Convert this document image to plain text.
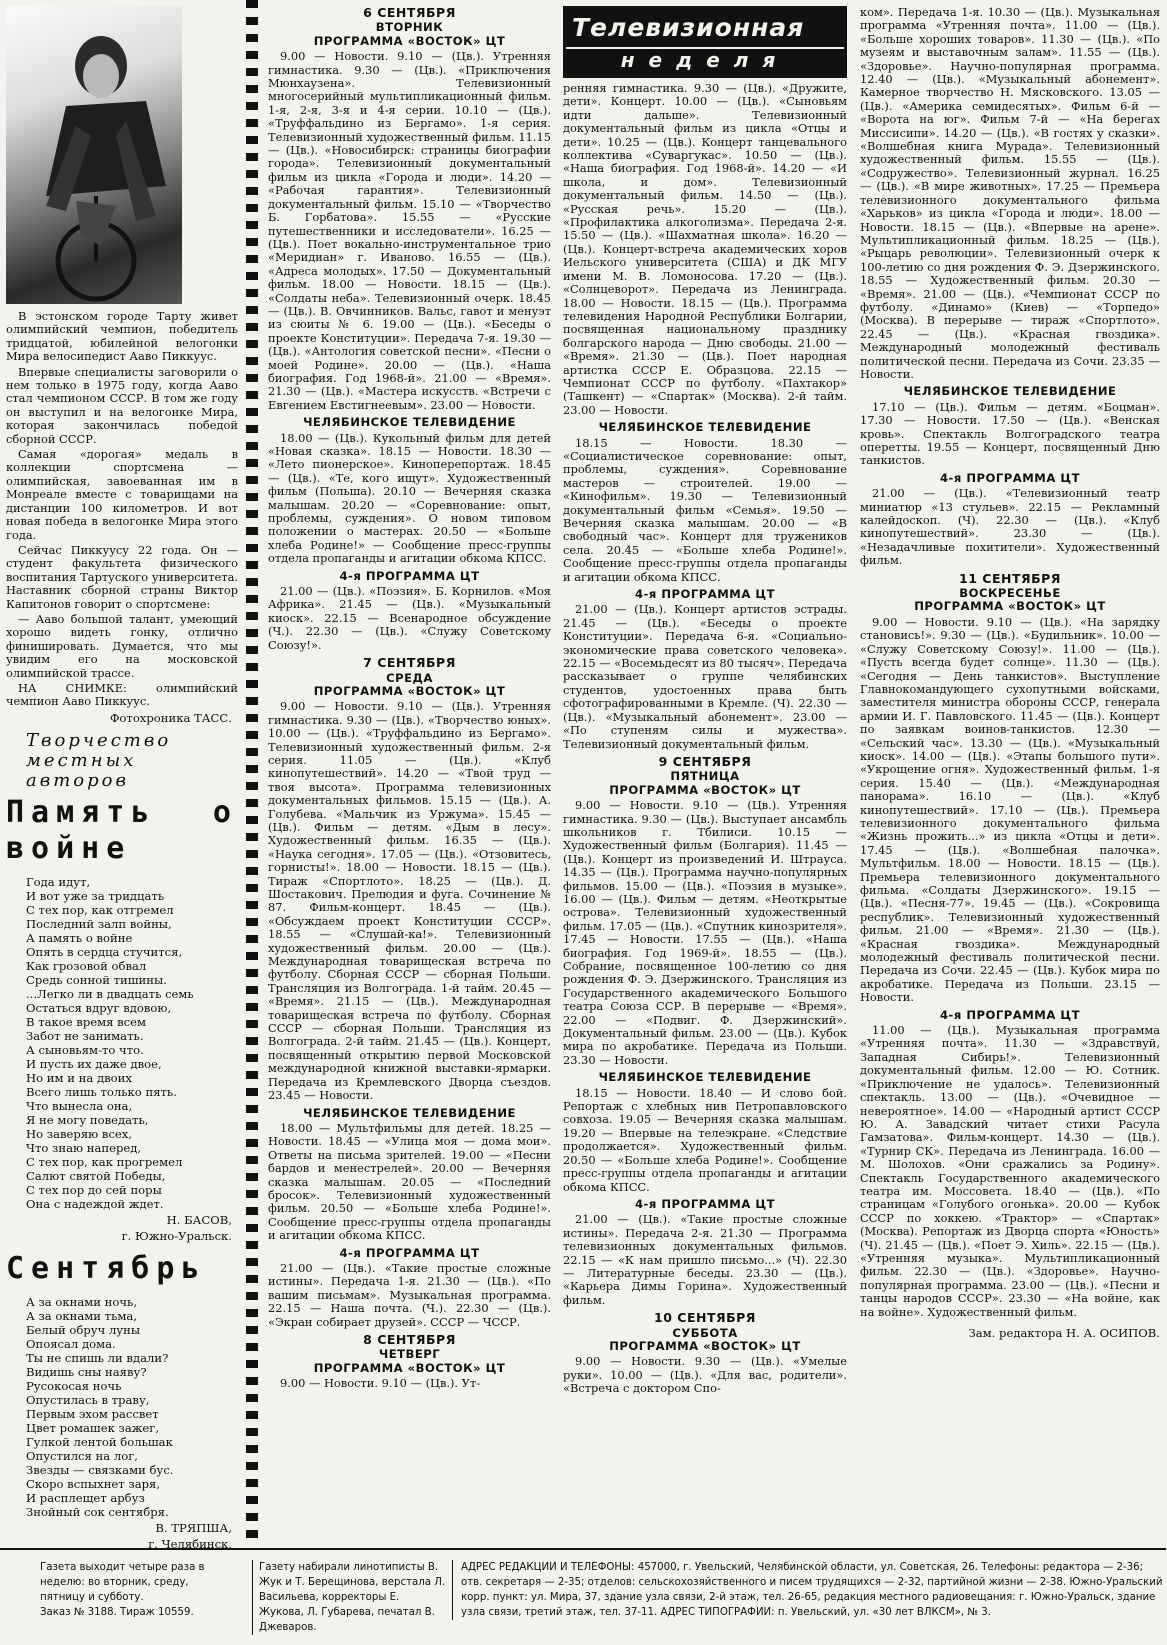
В эстонском городе Тарту живет олимпийский чемпион, победитель тридцатой, юбилейной велогонки Мира велосипедист Ааво Пиккуус.

Впервые специалисты заговорили о нем только в 1975 году, когда Ааво стал чемпионом СССР. В том же году он выступил и на велогонке Мира, которая закончилась победой сборной СССР.

Самая «дорогая» медаль в коллекции спортсмена — олимпийская, завоеванная им в Монреале вместе с товарищами на дистанции 100 километров. И вот новая победа в велогонке Мира этого года.

Сейчас Пиккуусу 22 года. Он — студент факультета физического воспитания Тартуского университета. Наставник сборной страны Виктор Капитонов говорит о спортсмене:

— Ааво большой талант, умеющий хорошо видеть гонку, отлично финишировать. Думается, что мы увидим его на московской олимпийской трассе.

НА СНИМКЕ: олимпийский чемпион Ааво Пиккуус.

Фотохроника ТАСС.
Творчество местных авторов
Память о войне
Года идут,
И вот уже за тридцать
С тех пор, как отгремел
Последний залп войны,
А память о войне
Опять в сердца стучится,
Как грозовой обвал
Средь сонной тишины.
...Легко ли в двадцать семь
Остаться вдруг вдовою,
В такое время всем
Забот не занимать.
А сыновьям-то что.
И пусть их даже двое,
Но им и на двоих
Всего лишь только пять.
Что вынесла она,
Я не могу поведать,
Но заверяю всех,
Что знаю наперед,
С тех пор, как прогремел
Салют святой Победы,
С тех пор до сей поры
Она с надеждой ждет.
Н. БАСОВ,
г. Южно-Уральск.
Сентябрь
А за окнами ночь,
А за окнами тьма,
Белый обруч луны
Опоясал дома.
Ты не спишь ли вдали?
Видишь сны наяву?
Русокосая ночь
Опустилась в траву,
Первым эхом рассвет
Цвет ромашек зажег,
Гулкой лентой большак
Опустился на лог,
Звезды — связками бус.
Скоро вспыхнет заря,
И расплещет арбуз
Знойный сок сентября.
В. ТРЯПША,
г. Челябинск.
6 СЕНТЯБРЯ
ВТОРНИК
ПРОГРАММА «ВОСТОК» ЦТ

9.00 — Новости. 9.10 — (Цв.). Утренняя гимнастика. 9.30 — (Цв.). «Приключения Мюнхаузена». Телевизионный многосерийный мультипликационный фильм. 1-я, 2-я, 3-я и 4-я серии. 10.10 — (Цв.). «Труффальдино из Бергамо». 1-я серия. Телевизионный художественный фильм. 11.15 — (Цв.). «Новосибирск: страницы биографии города». Телевизионный документальный фильм из цикла «Города и люди». 14.20 — «Рабочая гарантия». Телевизионный документальный фильм. 15.10 — «Творчество Б. Горбатова». 15.55 — «Русские путешественники и исследователи». 16.25 — (Цв.). Поет вокально-инструментальное трио «Меридиан» г. Иваново. 16.55 — (Цв.). «Адреса молодых». 17.50 — Документальный фильм. 18.00 — Новости. 18.15 — (Цв.). «Солдаты неба». Телевизионный очерк. 18.45 — (Цв.). В. Овчинников. Вальс, гавот и менуэт из сюиты № 6. 19.00 — (Цв.). «Беседы о проекте Конституции». Передача 7-я. 19.30 — (Цв.). «Антология советской песни». «Песни о моей Родине». 20.00 — (Цв.). «Наша биография. Год 1968-й». 21.00 — «Время». 21.30 — (Цв.). «Мастера искусств. «Встречи с Евгением Евстигнеевым». 23.00 — Новости.

ЧЕЛЯБИНСКОЕ ТЕЛЕВИДЕНИЕ

18.00 — (Цв.). Кукольный фильм для детей «Новая сказка». 18.15 — Новости. 18.30 — «Лето пионерское». Киноперепортаж. 18.45 — (Цв.). «Те, кого ищут». Художественный фильм (Польша). 20.10 — Вечерняя сказка малышам. 20.20 — «Соревнование: опыт, проблемы, суждения». О новом типовом положении о мастерах. 20.50 — «Больше хлеба Родине!» — Сообщение пресс-группы отдела пропаганды и агитации обкома КПСС.

4-я ПРОГРАММА ЦТ

21.00 — (Цв.). «Поэзия». Б. Корнилов. «Моя Африка». 21.45 — (Цв.). «Музыкальный киоск». 22.15 — Всенародное обсуждение (Ч.). 22.30 — (Цв.). «Служу Советскому Союзу!».

7 СЕНТЯБРЯ
СРЕДА
ПРОГРАММА «ВОСТОК» ЦТ

9.00 — Новости. 9.10 — (Цв.). Утренняя гимнастика. 9.30 — (Цв.). «Творчество юных». 10.00 — (Цв.). «Труффальдино из Бергамо». Телевизионный художественный фильм. 2-я серия. 11.05 — (Цв.). «Клуб кинопутешествий». 14.20 — «Твой труд — твоя высота». Программа телевизионных документальных фильмов. 15.15 — (Цв.). А. Голубева. «Мальчик из Уржума». 15.45 — (Цв.). Фильм — детям. «Дым в лесу». Художественный фильм. 16.35 — (Цв.). «Наука сегодня». 17.05 — (Цв.). «Отзовитесь, горнисты!». 18.00 — Новости. 18.15 — (Цв.). Тираж «Спортлото». 18.25 — (Цв.). Д. Шостакович. Прелюдия и фуга. Сочинение № 87. Фильм-концерт. 18.45 — (Цв.). «Обсуждаем проект Конституции СССР». 18.55 — «Слушай-ка!». Телевизионный художественный фильм. 20.00 — (Цв.). Международная товарищеская встреча по футболу. Сборная СССР — сборная Польши. Трансляция из Волгограда. 1-й тайм. 20.45 — «Время». 21.15 — (Цв.). Международная товарищеская встреча по футболу. Сборная СССР — сборная Польши. Трансляция из Волгограда. 2-й тайм. 21.45 — (Цв.). Концерт, посвященный открытию первой Московской международной книжной выставки-ярмарки. Передача из Кремлевского Дворца съездов. 23.45 — Новости.

ЧЕЛЯБИНСКОЕ ТЕЛЕВИДЕНИЕ

18.00 — Мультфильмы для детей. 18.25 — Новости. 18.45 — «Улица моя — дома мои». Ответы на письма зрителей. 19.00 — «Песни бардов и менестрелей». 20.00 — Вечерняя сказка малышам. 20.05 — «Последний бросок». Телевизионный художественный фильм. 20.50 — «Больше хлеба Родине!». Сообщение пресс-группы отдела пропаганды и агитации обкома КПСС.

4-я ПРОГРАММА ЦТ

21.00 — (Цв.). «Такие простые сложные истины». Передача 1-я. 21.30 — (Цв.). «По вашим письмам». Музыкальная программа. 22.15 — Наша почта. (Ч.). 22.30 — (Цв.). «Экран собирает друзей». СССР — ЧССР.

8 СЕНТЯБРЯ
ЧЕТВЕРГ
ПРОГРАММА «ВОСТОК» ЦТ

9.00 — Новости. 9.10 — (Цв.). Ут-

Телевизионная
неделя

ренняя гимнастика. 9.30 — (Цв.). «Дружите, дети». Концерт. 10.00 — (Цв.). «Сыновьям идти дальше». Телевизионный документальный фильм из цикла «Отцы и дети». 10.25 — (Цв.). Концерт танцевального коллектива «Суваргукас». 10.50 — (Цв.). «Наша биография. Год 1968-й». 14.20 — «И школа, и дом». Телевизионный документальный фильм. 14.50 — (Цв.). «Русская речь». 15.20 — (Цв.). «Профилактика алкоголизма». Передача 2-я. 15.50 — (Цв.). «Шахматная школа». 16.20 — (Цв.). Концерт-встреча академических хоров Иельского университета (США) и ДК МГУ имени М. В. Ломоносова. 17.20 — (Цв.). «Солнцеворот». Передача из Ленинграда. 18.00 — Новости. 18.15 — (Цв.). Программа телевидения Народной Республики Болгарии, посвященная национальному празднику болгарского народа — Дню свободы. 21.00 — «Время». 21.30 — (Цв.). Поет народная артистка СССР Е. Образцова. 22.15 — Чемпионат СССР по футболу. «Пахтакор» (Ташкент) — «Спартак» (Москва). 2-й тайм. 23.00 — Новости.

ЧЕЛЯБИНСКОЕ ТЕЛЕВИДЕНИЕ

18.15 — Новости. 18.30 — «Социалистическое соревнование: опыт, проблемы, суждения». Соревнование мастеров — строителей. 19.00 — «Кинофильм». 19.30 — Телевизионный документальный фильм «Семья». 19.50 — Вечерняя сказка малышам. 20.00 — «В свободный час». Концерт для тружеников села. 20.45 — «Больше хлеба Родине!». Сообщение пресс-группы отдела пропаганды и агитации обкома КПСС.

4-я ПРОГРАММА ЦТ

21.00 — (Цв.). Концерт артистов эстрады. 21.45 — (Цв.). «Беседы о проекте Конституции». Передача 6-я. «Социально-экономические права советского человека». 22.15 — «Восемьдесят из 80 тысяч». Передача рассказывает о группе челябинских студентов, удостоенных права быть сфотографированными в Кремле. (Ч). 22.30 — (Цв.). «Музыкальный абонемент». 23.00 — «По ступеням силы и мужества». Телевизионный документальный фильм.

9 СЕНТЯБРЯ
ПЯТНИЦА
ПРОГРАММА «ВОСТОК» ЦТ

9.00 — Новости. 9.10 — (Цв.). Утренняя гимнастика. 9.30 — (Цв.). Выступает ансамбль школьников г. Тбилиси. 10.15 — Художественный фильм (Болгария). 11.45 — (Цв.). Концерт из произведений И. Штрауса. 14.35 — (Цв.). Программа научно-популярных фильмов. 15.00 — (Цв.). «Поэзия в музыке». 16.00 — (Цв.). Фильм — детям. «Неоткрытые острова». Телевизионный художественный фильм. 17.05 — (Цв.). «Спутник кинозрителя». 17.45 — Новости. 17.55 — (Цв.). «Наша биография. Год 1969-й». 18.55 — (Цв.). Собрание, посвященное 100-летию со дня рождения Ф. Э. Дзержинского. Трансляция из Государственного академического Большого театра Союза ССР. В перерыве — «Время». 22.00 — «Подвиг. Ф. Дзержинский». Документальный фильм. 23.00 — (Цв.). Кубок мира по акробатике. Передача из Польши. 23.30 — Новости.

ЧЕЛЯБИНСКОЕ ТЕЛЕВИДЕНИЕ

18.15 — Новости. 18.40 — И слово бой. Репортаж с хлебных нив Петропавловского совхоза. 19.05 — Вечерняя сказка малышам. 19.20 — Впервые на телеэкране. «Следствие продолжается». Художественный фильм. 20.50 — «Больше хлеба Родине!». Сообщение пресс-группы отдела пропаганды и агитации обкома КПСС.

4-я ПРОГРАММА ЦТ

21.00 — (Цв.). «Такие простые сложные истины». Передача 2-я. 21.30 — Программа телевизионных документальных фильмов. 22.15 — «К нам пришло письмо...» (Ч). 22.30 — Литературные беседы. 23.30 — (Цв.). «Карьера Димы Горина». Художественный фильм.

10 СЕНТЯБРЯ
СУББОТА
ПРОГРАММА «ВОСТОК» ЦТ

9.00 — Новости. 9.30 — (Цв.). «Умелые руки». 10.00 — (Цв.). «Для вас, родители». «Встреча с доктором Спо-

ком». Передача 1-я. 10.30 — (Цв.). Музыкальная программа «Утренняя почта». 11.00 — (Цв.). «Больше хороших товаров». 11.30 — (Цв.). «По музеям и выставочным залам». 11.55 — (Цв.). «Здоровье». Научно-популярная программа. 12.40 — (Цв.). «Музыкальный абонемент». Камерное творчество Н. Мясковского. 13.05 — (Цв.). «Америка семидесятых». Фильм 6-й — «Ворота на юг». Фильм 7-й — «На берегах Миссисипи». 14.20 — (Цв.). «В гостях у сказки». «Волшебная книга Мурада». Телевизионный художественный фильм. 15.55 — (Цв.). «Содружество». Телевизионный журнал. 16.25 — (Цв.). «В мире животных». 17.25 — Премьера телевизионного документального фильма «Харьков» из цикла «Города и люди». 18.00 — Новости. 18.15 — (Цв.). «Впервые на арене». Мультипликационный фильм. 18.25 — (Цв.). «Рыцарь революции». Телевизионный очерк к 100-летию со дня рождения Ф. Э. Дзержинского. 18.55 — Художественный фильм. 20.30 — «Время». 21.00 — (Цв.). «Чемпионат СССР по футболу. «Динамо» (Киев) — «Торпедо» (Москва). В перерыве — тираж «Спортлото». 22.45 — (Цв.). «Красная гвоздика». Международный молодежный фестиваль политической песни. Передача из Сочи. 23.35 — Новости.

ЧЕЛЯБИНСКОЕ ТЕЛЕВИДЕНИЕ

17.10 — (Цв.). Фильм — детям. «Боцман». 17.30 — Новости. 17.50 — (Цв.). «Венская кровь». Спектакль Волгоградского театра оперетты. 19.55 — Концерт, посвященный Дню танкистов.

4-я ПРОГРАММА ЦТ

21.00 — (Цв.). «Телевизионный театр миниатюр «13 стульев». 22.15 — Рекламный калейдоскоп. (Ч). 22.30 — (Цв.). «Клуб кинопутешествий». 23.30 — (Цв.). «Незадачливые похитители». Художественный фильм.

11 СЕНТЯБРЯ
ВОСКРЕСЕНЬЕ
ПРОГРАММА «ВОСТОК» ЦТ

9.00 — Новости. 9.10 — (Цв.). «На зарядку становись!». 9.30 — (Цв.). «Будильник». 10.00 — «Служу Советскому Союзу!». 11.00 — (Цв.). «Пусть всегда будет солнце». 11.30 — (Цв.). «Сегодня — День танкистов». Выступление Главнокомандующего сухопутными войсками, заместителя министра обороны СССР, генерала армии И. Г. Павловского. 11.45 — (Цв.). Концерт по заявкам воинов-танкистов. 12.30 — «Сельский час». 13.30 — (Цв.). «Музыкальный киоск». 14.00 — (Цв.). «Этапы большого пути». «Укрощение огня». Художественный фильм. 1-я серия. 15.40 — (Цв.). «Международная панорама». 16.10 — (Цв.). «Клуб кинопутешествий». 17.10 — (Цв.). Премьера телевизионного документального фильма «Жизнь прожить...» из цикла «Отцы и дети». 17.45 — (Цв.). «Волшебная палочка». Мультфильм. 18.00 — Новости. 18.15 — (Цв.). Премьера телевизионного документального фильма. «Солдаты Дзержинского». 19.15 — (Цв.). «Песня-77». 19.45 — (Цв.). «Сокровища республик». Телевизионный художественный фильм. 21.00 — «Время». 21.30 — (Цв.). «Красная гвоздика». Международный молодежный фестиваль политической песни. Передача из Сочи. 22.45 — (Цв.). Кубок мира по акробатике. Передача из Польши. 23.15 — Новости.

4-я ПРОГРАММА ЦТ

11.00 — (Цв.). Музыкальная программа «Утренняя почта». 11.30 — «Здравствуй, Западная Сибирь!». Телевизионный документальный фильм. 12.00 — Ю. Сотник. «Приключение не удалось». Телевизионный спектакль. 13.00 — (Цв.). «Очевидное — невероятное». 14.00 — «Народный артист СССР Ю. А. Завадский читает стихи Расула Гамзатова». Фильм-концерт. 14.30 — (Цв.). «Турнир СК». Передача из Ленинграда. 16.00 — М. Шолохов. «Они сражались за Родину». Спектакль Государственного академического театра им. Моссовета. 18.40 — (Цв.). «По страницам «Голубого огонька». 20.00 — Кубок СССР по хоккею. «Трактор» — «Спартак» (Москва). Репортаж из Дворца спорта «Юность» (Ч). 21.45 — (Цв.). «Поет Э. Хиль». 22.15 — (Цв.). «Утренняя музыка». Мультипликационный фильм. 22.30 — (Цв.). «Здоровье». Научно-популярная программа. 23.00 — (Цв.). «Песни и танцы народов СССР». 23.30 — «На войне, как на войне». Художественный фильм.

Зам. редактора Н. А. ОСИПОВ.
Газета выходит четыре раза в неделю: во вторник, среду, пятницу и субботу.
Заказ № 3188. Тираж 10559.
Газету набирали линотиписты В. Жук и Т. Берещинова, верстала Л. Васильева, корректоры Е. Жукова, Л. Губарева, печатал В. Джеваров.
АДРЕС РЕДАКЦИИ И ТЕЛЕФОНЫ: 457000, г. Увельский, Челябинской области, ул. Советская, 26. Телефоны: редактора — 2-36; отв. секретаря — 2-35; отделов: сельскохозяйственного и писем трудящихся — 2-32, партийной жизни — 2-38. Южно-Уральский корр. пункт: ул. Мира, 37, здание узла связи, 2-й этаж, тел. 26-65, редакция местного радиовещания: г. Южно-Уральск, здание узла связи, третий этаж, тел. 37-11. АДРЕС ТИПОГРАФИИ: п. Увельский, ул. «30 лет ВЛКСМ», № 3.
